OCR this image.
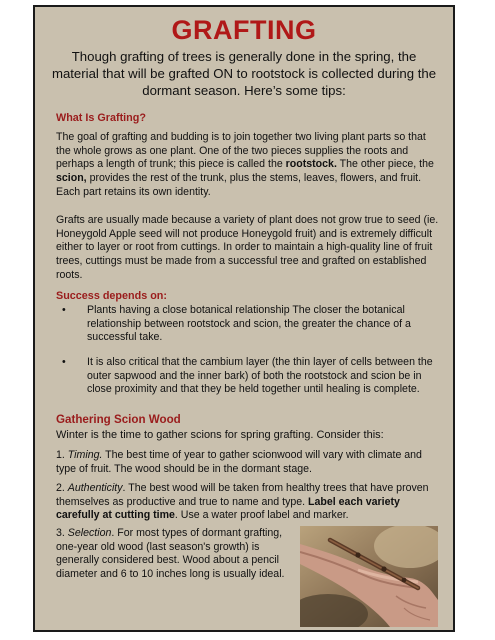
GRAFTING
Though grafting of trees is generally done in the spring, the material that will be grafted ON to rootstock is collected during the dormant season. Here’s some tips:
What Is Grafting?
The goal of grafting and budding is to join together two living plant parts so that the whole grows as one plant. One of the two pieces supplies the roots and perhaps a length of trunk; this piece is called the rootstock. The other piece, the scion, provides the rest of the trunk, plus the stems, leaves, flowers, and fruit. Each part retains its own identity.
Grafts are usually made because a variety of plant does not grow true to seed (ie. Honeygold Apple seed will not produce Honeygold fruit) and is extremely difficult either to layer or root from cuttings. In order to maintain a high-quality line of fruit trees, cuttings must be made from a successful tree and grafted on established roots.
Success depends on:
•	Plants having a close botanical relationship The closer the botanical relationship between rootstock and scion, the greater the chance of a successful take.
•	It is also critical that the cambium layer (the thin layer of cells between the outer sapwood and the inner bark) of both the rootstock and scion be in close proximity and that they be held together until healing is complete.
Gathering Scion Wood
Winter is the time to gather scions for spring grafting. Consider this:
1. Timing. The best time of year to gather scionwood will vary with climate and type of fruit. The wood should be in the dormant stage.
2. Authenticity. The best wood will be taken from healthy trees that have proven themselves as productive and true to name and type. Label each variety carefully at cutting time. Use a water proof label and marker.
3. Selection. For most types of dormant grafting, one-year old wood (last season's growth) is generally considered best. Wood about a pencil diameter and 6 to 10 inches long is usually ideal.
